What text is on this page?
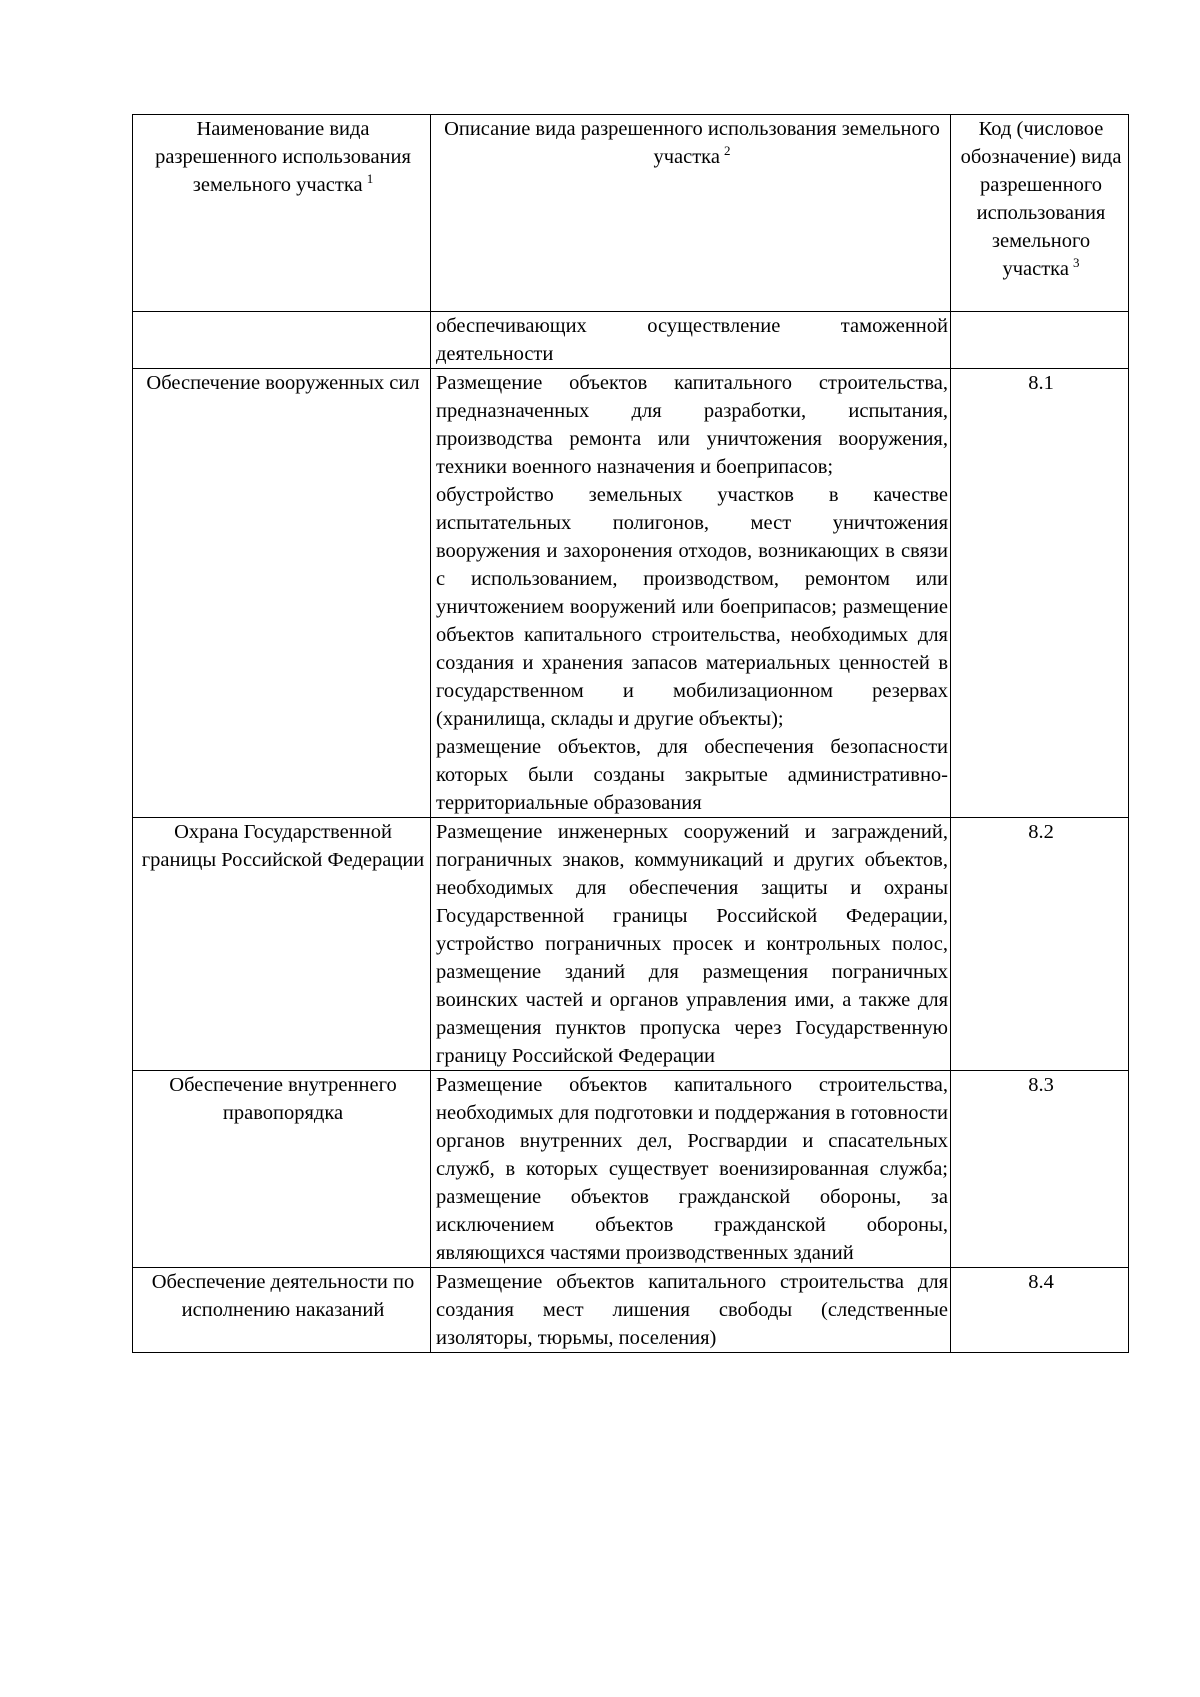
Наименование вида разрешенного использования земельного участка  $^1$	Описание вида разрешенного использования земельного участка  $^2$	Код (числовое обозначение) вида разрешенного использования земельного участка  $^3$

	обеспечивающих осуществление таможенной деятельности	

Обеспечение вооруженных сил	Размещение объектов капитального строительства, предназначенных для разработки, испытания, производства ремонта или уничтожения вооружения, техники военного назначения и боеприпасов;
обустройство земельных участков в качестве испытательных полигонов, мест уничтожения вооружения и захоронения отходов, возникающих в связи с использованием, производством, ремонтом или уничтожением вооружений или боеприпасов; размещение объектов капитального строительства, необходимых для создания и хранения запасов материальных ценностей в государственном и мобилизационном резервах (хранилища, склады и другие объекты);
размещение объектов, для обеспечения безопасности которых были созданы закрытые административно-территориальные образования	8.1
Охрана Государственной границы Российской Федерации	Размещение инженерных сооружений и заграждений, пограничных знаков, коммуникаций и других объектов, необходимых для обеспечения защиты и охраны Государственной границы Российской Федерации, устройство пограничных просек и контрольных полос, размещение зданий для размещения пограничных воинских частей и органов управления ими, а также для размещения пунктов пропуска через Государственную границу Российской Федерации	8.2
Обеспечение внутреннего правопорядка	Размещение объектов капитального строительства, необходимых для подготовки и поддержания в готовности органов внутренних дел, Росгвардии и спасательных служб, в которых существует военизированная служба; размещение объектов гражданской обороны, за исключением объектов гражданской обороны, являющихся частями производственных зданий	8.3
Обеспечение деятельности по исполнению наказаний	Размещение объектов капитального строительства для создания мест лишения свободы (следственные изоляторы, тюрьмы, поселения)	8.4
